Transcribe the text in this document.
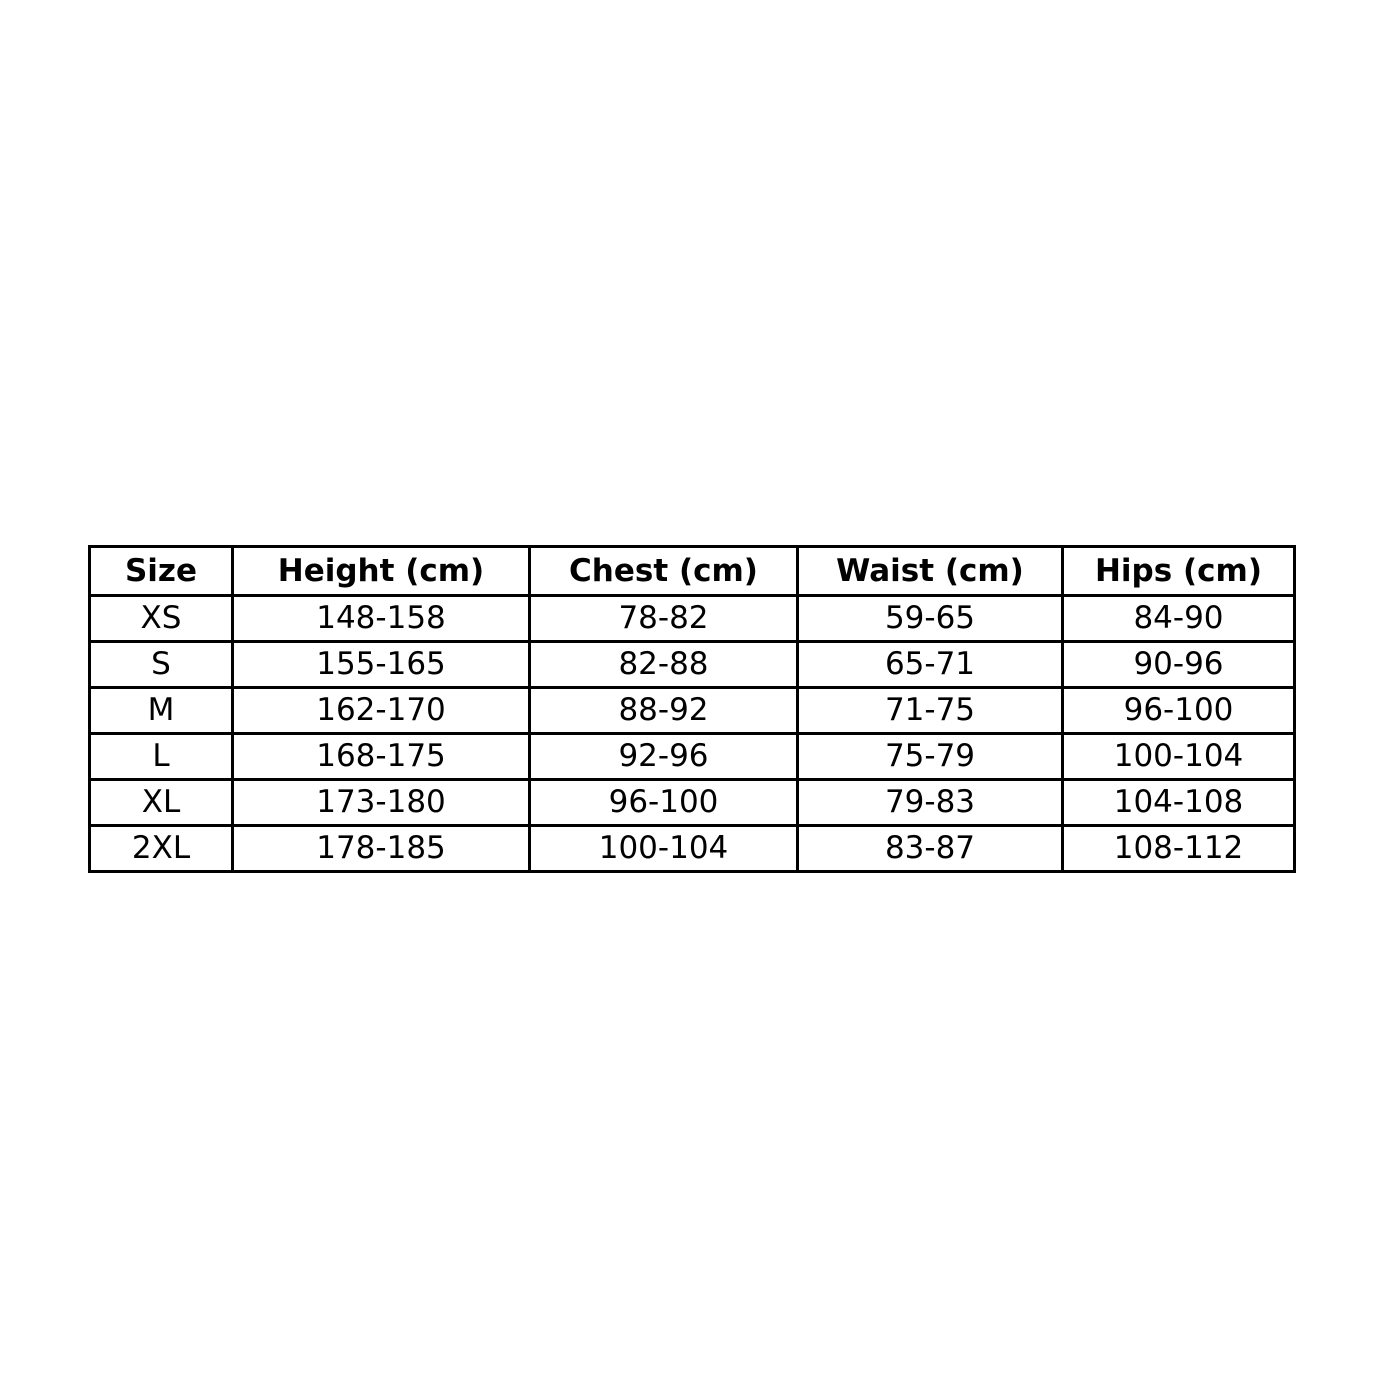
Size	Height (cm)	Chest (cm)	Waist (cm)	Hips (cm)
XS	148-158	78-82	59-65	84-90
S	155-165	82-88	65-71	90-96
M	162-170	88-92	71-75	96-100
L	168-175	92-96	75-79	100-104
XL	173-180	96-100	79-83	104-108
2XL	178-185	100-104	83-87	108-112
